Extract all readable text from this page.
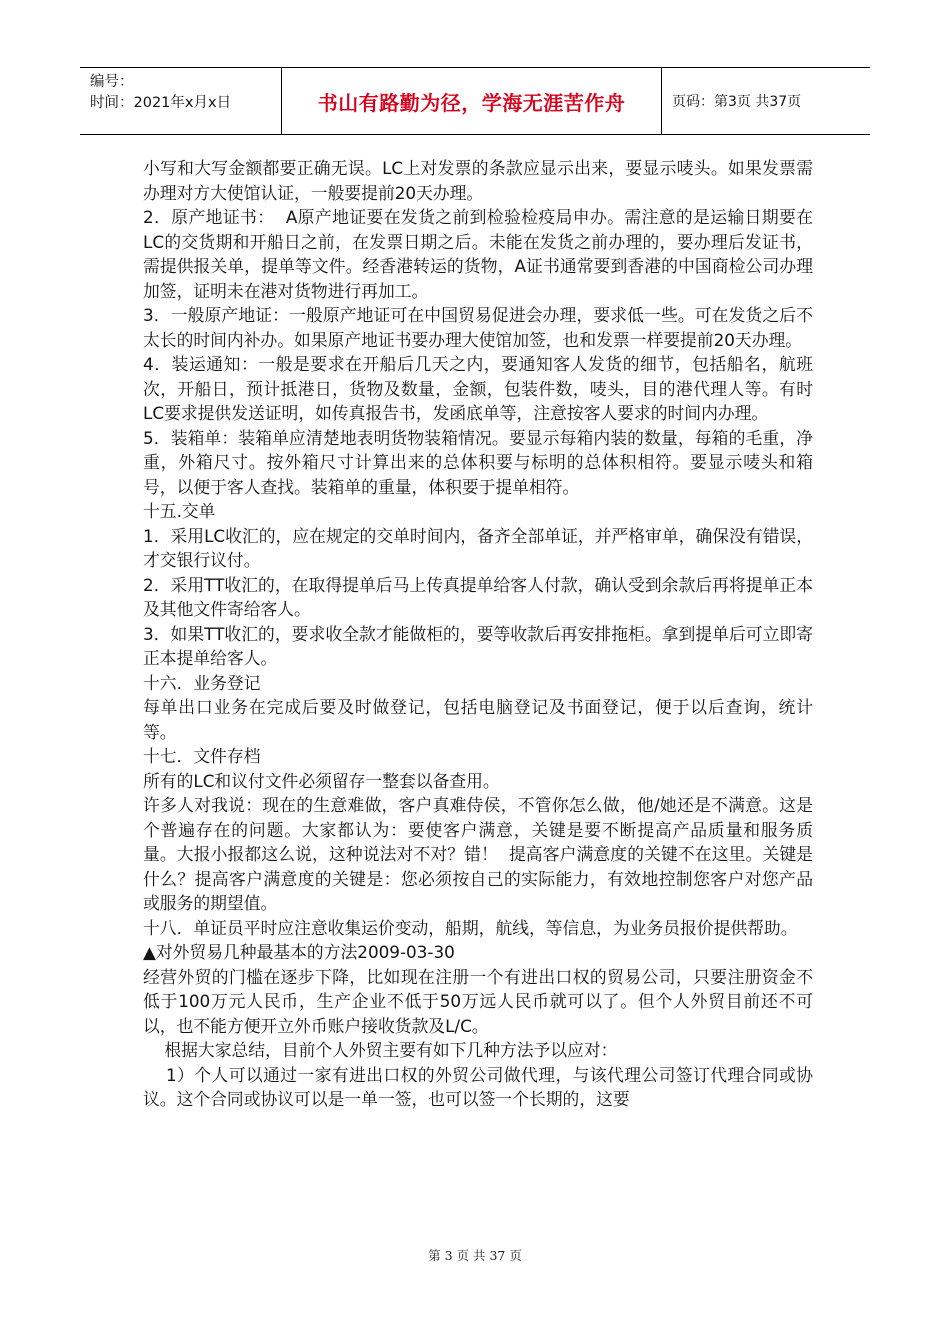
编号：
时间：2021年x月x日	书山有路勤为径，学海无涯苦作舟	页码：第3页 共37页

小写和大写金额都要正确无误。LC上对发票的条款应显示出来，要显示唛头。如果发票需办理对方大使馆认证，一般要提前20天办理。

2．原产地证书：  A原产地证要在发货之前到检验检疫局申办。需注意的是运输日期要在LC的交货期和开船日之前，在发票日期之后。未能在发货之前办理的，要办理后发证书，需提供报关单，提单等文件。经香港转运的货物，A证书通常要到香港的中国商检公司办理加签，证明未在港对货物进行再加工。

3．一般原产地证：一般原产地证可在中国贸易促进会办理，要求低一些。可在发货之后不太长的时间内补办。如果原产地证书要办理大使馆加签，也和发票一样要提前20天办理。

4．装运通知：一般是要求在开船后几天之内，要通知客人发货的细节，包括船名，航班次，开船日，预计抵港日，货物及数量，金额，包装件数，唛头，目的港代理人等。有时LC要求提供发送证明，如传真报告书，发函底单等，注意按客人要求的时间内办理。

5．装箱单：装箱单应清楚地表明货物装箱情况。要显示每箱内装的数量，每箱的毛重，净重，外箱尺寸。按外箱尺寸计算出来的总体积要与标明的总体积相符。要显示唛头和箱号，以便于客人查找。装箱单的重量，体积要于提单相符。

十五.交单

1．采用LC收汇的，应在规定的交单时间内，备齐全部单证，并严格审单，确保没有错误，才交银行议付。

2．采用TT收汇的，在取得提单后马上传真提单给客人付款，确认受到余款后再将提单正本及其他文件寄给客人。

3．如果TT收汇的，要求收全款才能做柜的，要等收款后再安排拖柜。拿到提单后可立即寄正本提单给客人。

十六．业务登记

每单出口业务在完成后要及时做登记，包括电脑登记及书面登记，便于以后查询，统计等。

十七．文件存档

所有的LC和议付文件必须留存一整套以备查用。

许多人对我说：现在的生意难做，客户真难侍侯，不管你怎么做，他/她还是不满意。这是个普遍存在的问题。大家都认为：要使客户满意，关键是要不断提高产品质量和服务质量。大报小报都这么说，这种说法对不对？错！  提高客户满意度的关键不在这里。关键是什么？提高客户满意度的关键是：您必须按自己的实际能力，有效地控制您客户对您产品或服务的期望值。

十八．单证员平时应注意收集运价变动，船期，航线，等信息，为业务员报价提供帮助。

▲对外贸易几种最基本的方法2009-03-30

经营外贸的门槛在逐步下降，比如现在注册一个有进出口权的贸易公司，只要注册资金不低于100万元人民币，生产企业不低于50万远人民币就可以了。但个人外贸目前还不可以，也不能方便开立外币账户接收货款及L/C。

根据大家总结，目前个人外贸主要有如下几种方法予以应对：

1）个人可以通过一家有进出口权的外贸公司做代理，与该代理公司签订代理合同或协议。这个合同或协议可以是一单一签，也可以签一个长期的，这要

第 3 页 共 37 页
